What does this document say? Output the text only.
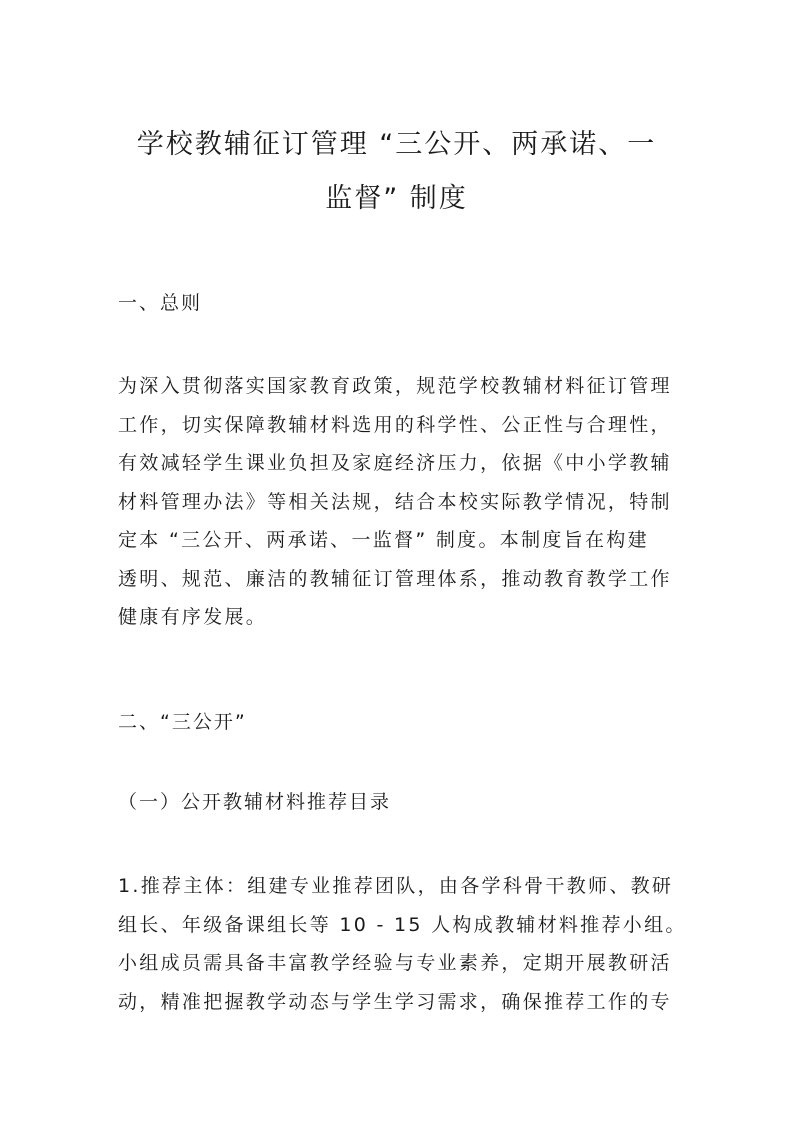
学校教辅征订管理 “三公开、两承诺、一
监督” 制度
一、总则

为深入贯彻落实国家教育政策，规范学校教辅材料征订管理
工作，切实保障教辅材料选用的科学性、公正性与合理性，
有效减轻学生课业负担及家庭经济压力，依据《中小学教辅
材料管理办法》等相关法规，结合本校实际教学情况，特制
定本 “三公开、两承诺、一监督” 制度。本制度旨在构建
透明、规范、廉洁的教辅征订管理体系，推动教育教学工作
健康有序发展。

二、“三公开”
（一）公开教辅材料推荐目录

1.推荐主体：组建专业推荐团队，由各学科骨干教师、教研
组长、年级备课组长等 10 - 15 人构成教辅材料推荐小组。
小组成员需具备丰富教学经验与专业素养，定期开展教研活
动，精准把握教学动态与学生学习需求，确保推荐工作的专
